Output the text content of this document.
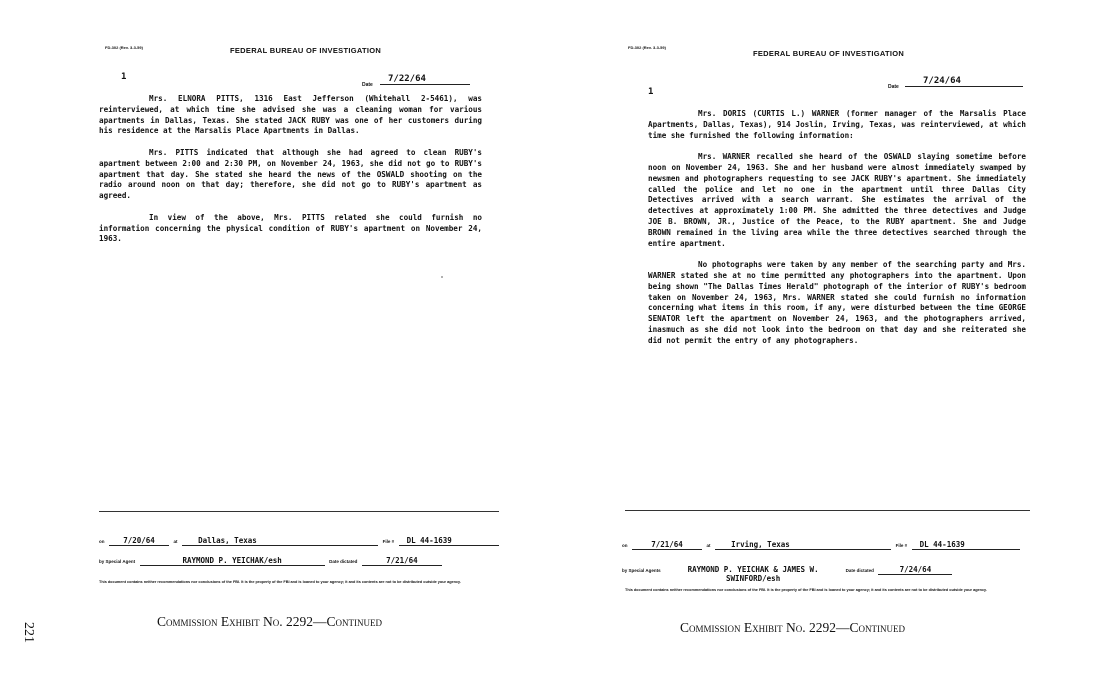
221
FD-302 (Rev. 3-3-59)	FEDERAL BUREAU OF INVESTIGATION
1
Date
7/22/64

Mrs. ELNORA PITTS, 1316 East Jefferson (Whitehall 2-5461), was reinterviewed, at which time she advised she was a cleaning woman for various apartments in Dallas, Texas. She stated JACK RUBY was one of her customers during his residence at the Marsalis Place Apartments in Dallas.

Mrs. PITTS indicated that although she had agreed to clean RUBY's apartment between 2:00 and 2:30 PM, on November 24, 1963, she did not go to RUBY's apartment that day. She stated she heard the news of the OSWALD shooting on the radio around noon on that day; therefore, she did not go to RUBY's apartment as agreed.

In view of the above, Mrs. PITTS related she could furnish no information concerning the physical condition of RUBY's apartment on November 24, 1963.

on 7/20/64	at	Dallas, Texas	File # DL 44-1639
by Special Agent	RAYMOND P. YEICHAK/esh	Date dictated	7/21/64
This document contains neither recommendations nor conclusions of the FBI. It is the property of the FBI and is loaned to your agency; it and its contents are not to be distributed outside your agency.
Commission Exhibit No. 2292—Continued
FD-302 (Rev. 3-3-59)
FEDERAL BUREAU OF INVESTIGATION
1	Date
7/24/64

Mrs. DORIS (CURTIS L.) WARNER (former manager of the Marsalis Place Apartments, Dallas, Texas), 914 Joslin, Irving, Texas, was reinterviewed, at which time she furnished the following information:

Mrs. WARNER recalled she heard of the OSWALD slaying sometime before noon on November 24, 1963. She and her husband were almost immediately swamped by newsmen and photographers requesting to see JACK RUBY's apartment. She immediately called the police and let no one in the apartment until three Dallas City Detectives arrived with a search warrant. She estimates the arrival of the detectives at approximately 1:00 PM. She admitted the three detectives and Judge JOE B. BROWN, JR., Justice of the Peace, to the RUBY apartment. She and Judge BROWN remained in the living area while the three detectives searched through the entire apartment.

No photographs were taken by any member of the searching party and Mrs. WARNER stated she at no time permitted any photographers into the apartment. Upon being shown "The Dallas Times Herald" photograph of the interior of RUBY's bedroom taken on November 24, 1963, Mrs. WARNER stated she could furnish no information concerning what items in this room, if any, were disturbed between the time GEORGE SENATOR left the apartment on November 24, 1963, and the photographers arrived, inasmuch as she did not look into the bedroom on that day and she reiterated she did not permit the entry of any photographers.

on	7/21/64	at	Irving, Texas	File # DL 44-1639
by Special Agents	RAYMOND P. YEICHAK & JAMES W. SWINFORD/esh Date dictated	7/24/64
This document contains neither recommendations nor conclusions of the FBI. It is the property of the FBI and is loaned to your agency; it and its contents are not to be distributed outside your agency.
Commission Exhibit No. 2292—Continued
